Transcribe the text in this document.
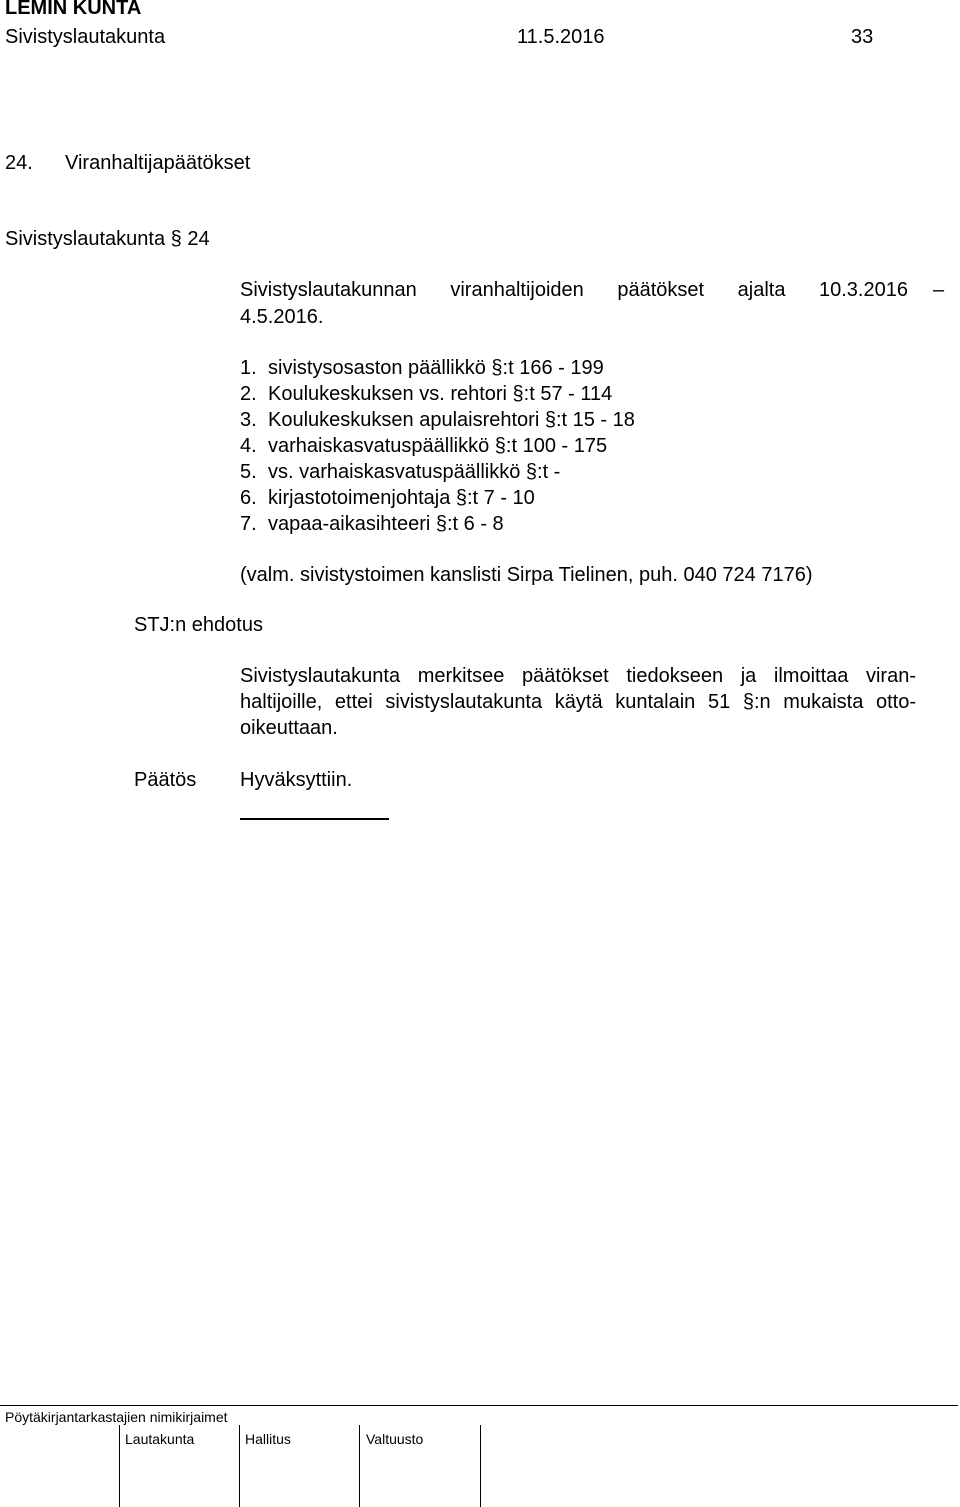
LEMIN KUNTA
Sivistyslautakunta	11.5.2016	33
24. Viranhaltijapäätökset
Sivistyslautakunta § 24
Sivistyslautakunnan viranhaltijoiden päätökset ajalta 10.3.2016 –
4.5.2016.
1. sivistysosaston päällikkö §:t 166 - 199
2. Koulukeskuksen vs. rehtori §:t 57 - 114
3. Koulukeskuksen apulaisrehtori §:t 15 - 18
4. varhaiskasvatuspäällikkö §:t 100 - 175
5. vs. varhaiskasvatuspäällikkö §:t -
6. kirjastotoimenjohtaja §:t 7 - 10
7. vapaa-aikasihteeri §:t 6 - 8
(valm. sivistystoimen kanslisti Sirpa Tielinen, puh. 040 724 7176)
STJ:n ehdotus
Sivistyslautakunta merkitsee päätökset tiedokseen ja ilmoittaa viran-
haltijoille, ettei sivistyslautakunta käytä kuntalain 51 §:n mukaista otto-
oikeuttaan.
Päätös Hyväksyttiin.
Pöytäkirjantarkastajien nimikirjaimet
Lautakunta	Hallitus	Valtuusto
